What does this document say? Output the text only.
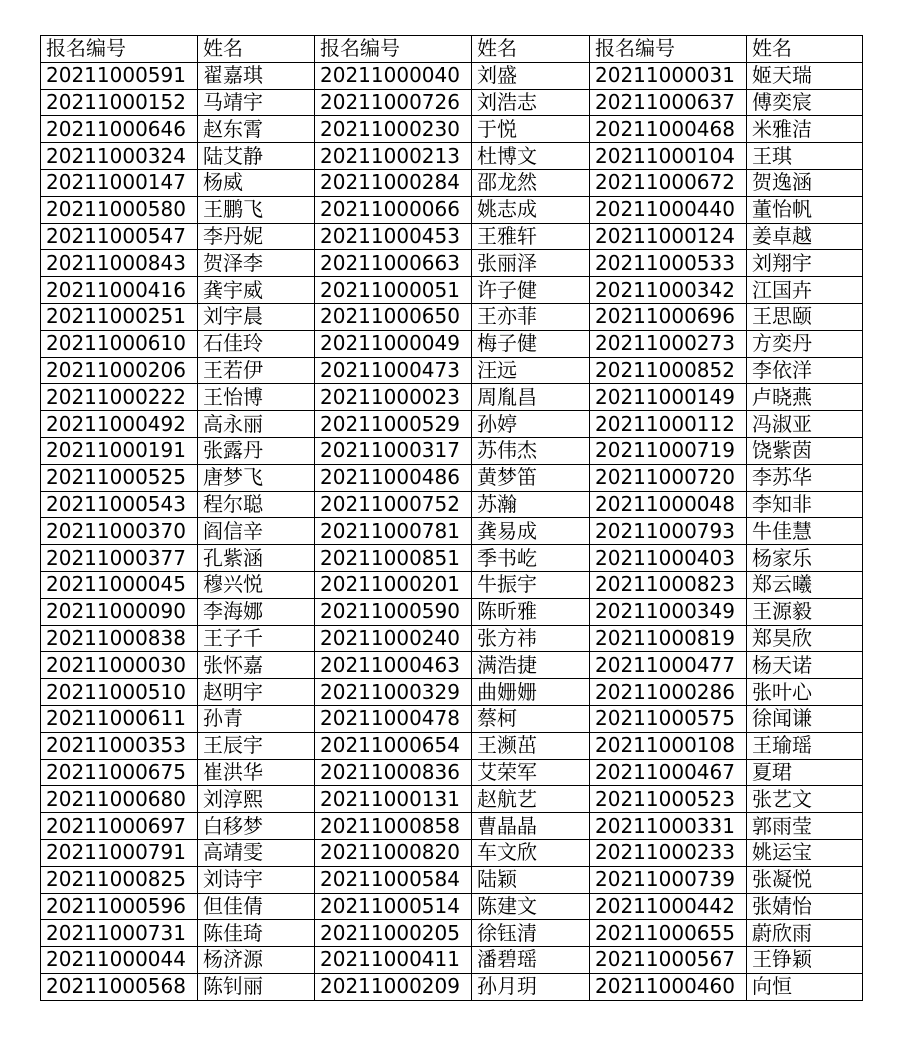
报名编号	姓名	报名编号	姓名	报名编号	姓名
20211000591	翟嘉琪	20211000040	刘盛	20211000031	姬天瑞
20211000152	马靖宇	20211000726	刘浩志	20211000637	傅奕宸
20211000646	赵东霄	20211000230	于悦	20211000468	米雅洁
20211000324	陆艾静	20211000213	杜博文	20211000104	王琪
20211000147	杨威	20211000284	邵龙然	20211000672	贺逸涵
20211000580	王鹏飞	20211000066	姚志成	20211000440	董怡帆
20211000547	李丹妮	20211000453	王雅轩	20211000124	姜卓越
20211000843	贺泽李	20211000663	张丽泽	20211000533	刘翔宇
20211000416	龚宇威	20211000051	许子健	20211000342	江国卉
20211000251	刘宇晨	20211000650	王亦菲	20211000696	王思颐
20211000610	石佳玲	20211000049	梅子健	20211000273	方奕丹
20211000206	王若伊	20211000473	汪远	20211000852	李依洋
20211000222	王怡博	20211000023	周胤昌	20211000149	卢晓燕
20211000492	高永丽	20211000529	孙婷	20211000112	冯淑亚
20211000191	张露丹	20211000317	苏伟杰	20211000719	饶紫茵
20211000525	唐梦飞	20211000486	黄梦笛	20211000720	李苏华
20211000543	程尔聪	20211000752	苏瀚	20211000048	李知非
20211000370	阎信辛	20211000781	龚易成	20211000793	牛佳慧
20211000377	孔紫涵	20211000851	季书屹	20211000403	杨家乐
20211000045	穆兴悦	20211000201	牛振宇	20211000823	郑云曦
20211000090	李海娜	20211000590	陈昕雅	20211000349	王源毅
20211000838	王子千	20211000240	张方祎	20211000819	郑昊欣
20211000030	张怀嘉	20211000463	满浩捷	20211000477	杨天诺
20211000510	赵明宇	20211000329	曲姗姗	20211000286	张叶心
20211000611	孙青	20211000478	蔡柯	20211000575	徐闻谦
20211000353	王辰宇	20211000654	王濒茁	20211000108	王瑜瑶
20211000675	崔洪华	20211000836	艾荣军	20211000467	夏珺
20211000680	刘淳熙	20211000131	赵航艺	20211000523	张艺文
20211000697	白移梦	20211000858	曹晶晶	20211000331	郭雨莹
20211000791	高靖雯	20211000820	车文欣	20211000233	姚运宝
20211000825	刘诗宇	20211000584	陆颖	20211000739	张凝悦
20211000596	但佳倩	20211000514	陈建文	20211000442	张婧怡
20211000731	陈佳琦	20211000205	徐钰清	20211000655	蔚欣雨
20211000044	杨济源	20211000411	潘碧瑶	20211000567	王铮颖
20211000568	陈钊丽	20211000209	孙月玥	20211000460	向恒
